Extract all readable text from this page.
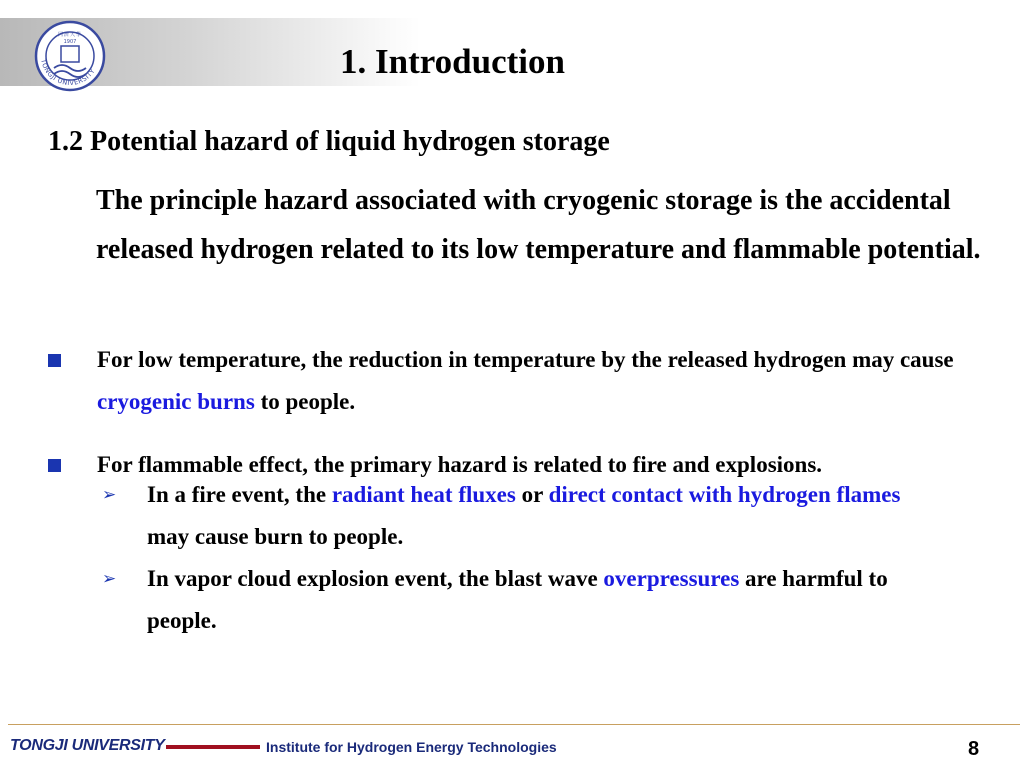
TONGJI UNIVERSITY
同濟大學
1907	1. Introduction
1.2 Potential hazard of liquid hydrogen storage
The principle hazard associated with cryogenic storage is the accidental released hydrogen related to its low temperature and flammable potential.
For low temperature, the reduction in temperature by the released hydrogen may cause cryogenic burns to people.
For flammable effect, the primary hazard is related to fire and explosions.
➢ In a fire event, the radiant heat fluxes or direct contact with hydrogen flames may cause burn to people.
➢ In vapor cloud explosion event, the blast wave overpressures are harmful to people.
TONGJI UNIVERSITY	Institute for Hydrogen Energy Technologies	8
